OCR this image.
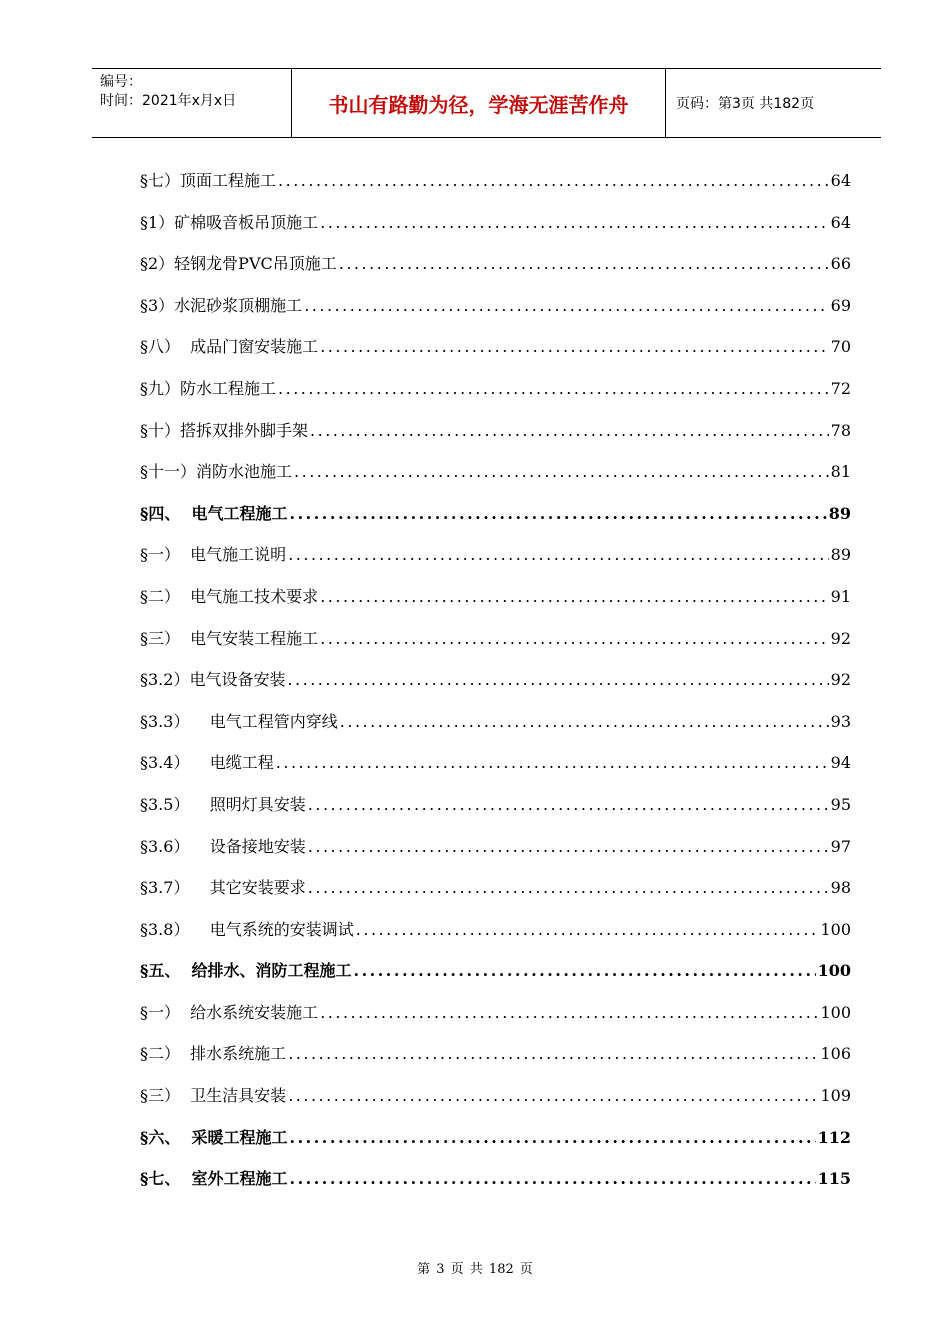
编号：
时间：2021年x月x日	书山有路勤为径，学海无涯苦作舟	页码：第3页 共182页
§七）顶面工程施工 .....	64
§1）矿棉吸音板吊顶施工 .....	64
§2）轻钢龙骨PVC吊顶施工 .....	66
§3）水泥砂浆顶棚施工 .....	69
§八）  成品门窗安装施工 .....	70
§九）防水工程施工 .....	72
§十）搭拆双排外脚手架 .....	78
§十一）消防水池施工 .....	81
§四、  电气工程施工 .....	89
§一）  电气施工说明 .....	89
§二）  电气施工技术要求 .....	91
§三）  电气安装工程施工 .....	92
§3.2）电气设备安装 .....	92
§3.3）    电气工程管内穿线 .....	93
§3.4）    电缆工程 .....	94
§3.5）    照明灯具安装 .....	95
§3.6）    设备接地安装 .....	97
§3.7）    其它安装要求 .....	98
§3.8）    电气系统的安装调试 .....	100
§五、  给排水、消防工程施工 .....	100
§一）  给水系统安装施工 .....	100
§二）  排水系统施工 .....	106
§三）  卫生洁具安装 .....	109
§六、  采暖工程施工 .....	112
§七、  室外工程施工 .....	115
第 3 页 共 182 页
